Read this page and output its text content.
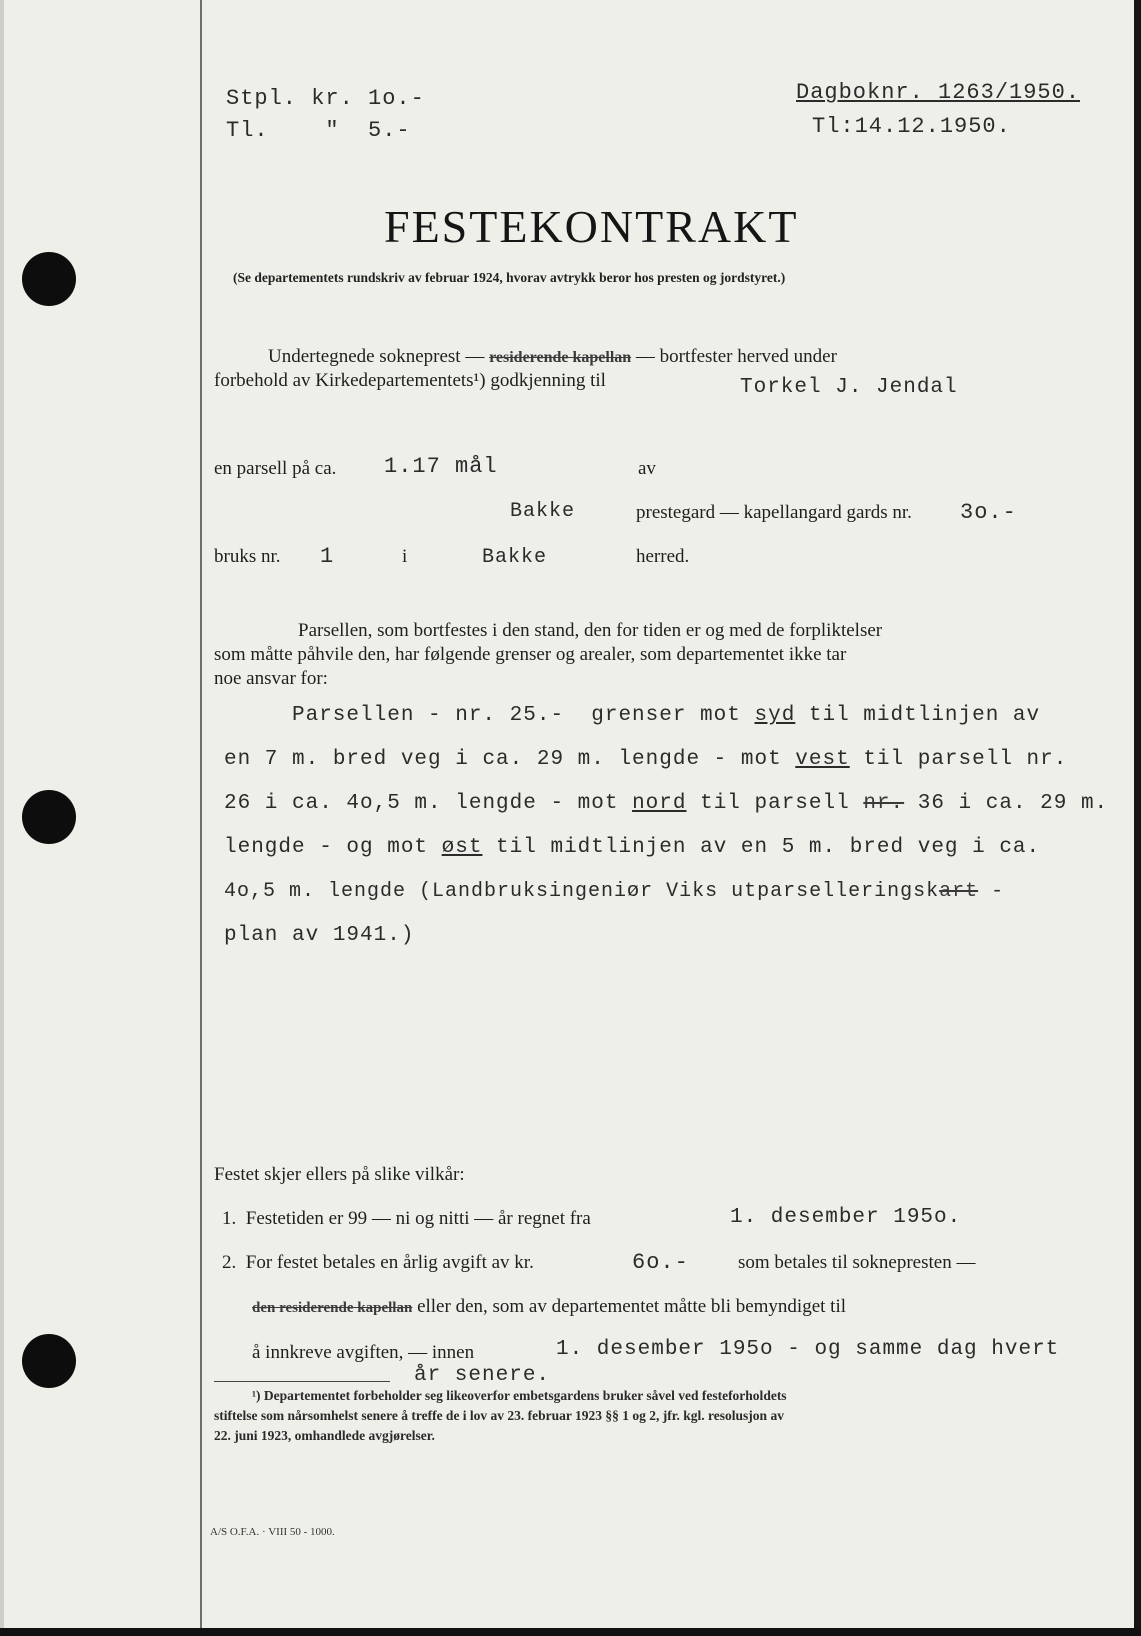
Stpl. kr. 1o.-
Tl.    "  5.-
Dagboknr. 1263/1950.
Tl:14.12.1950.
FESTEKONTRAKT
(Se departementets rundskriv av februar 1924, hvorav avtrykk beror hos presten og jordstyret.)
Undertegnede sokneprest — residerende kapellan — bortfester herved under
forbehold av Kirkedepartementets¹) godkjenning til	Torkel J. Jendal
en parsell på ca. 1.17 mål	av
Bakke	prestegard — kapellangard gards nr. 3o.-
bruks nr. 1	i	Bakke	herred.
Parsellen, som bortfestes i den stand, den for tiden er og med de forpliktelser
som måtte påhvile den, har følgende grenser og arealer, som departementet ikke tar
noe ansvar for:
Parsellen - nr. 25.-  grenser mot syd til midtlinjen av
en 7 m. bred veg i ca. 29 m. lengde - mot vest til parsell nr.
26 i ca. 4o,5 m. lengde - mot nord til parsell nr. 36 i ca. 29 m.
lengde - og mot øst til midtlinjen av en 5 m. bred veg i ca.
4o,5 m. lengde (Landbruksingeniør Viks utparselleringskart -
plan av 1941.)
Festet skjer ellers på slike vilkår:
1.  Festetiden er 99 — ni og nitti — år regnet fra	1. desember 195o.
2.  For festet betales en årlig avgift av kr.	6o.-	som betales til soknepresten —
den residerende kapellan eller den, som av departementet måtte bli bemyndiget til
å innkreve avgiften, — innen	1. desember 195o - og samme dag hvert
år senere.
¹) Departementet forbeholder seg likeoverfor embetsgardens bruker såvel ved festeforholdets
stiftelse som nårsomhelst senere å treffe de i lov av 23. februar 1923 §§ 1 og 2, jfr. kgl. resolusjon av
22. juni 1923, omhandlede avgjørelser.
A/S O.F.A. · VIII 50 - 1000.
